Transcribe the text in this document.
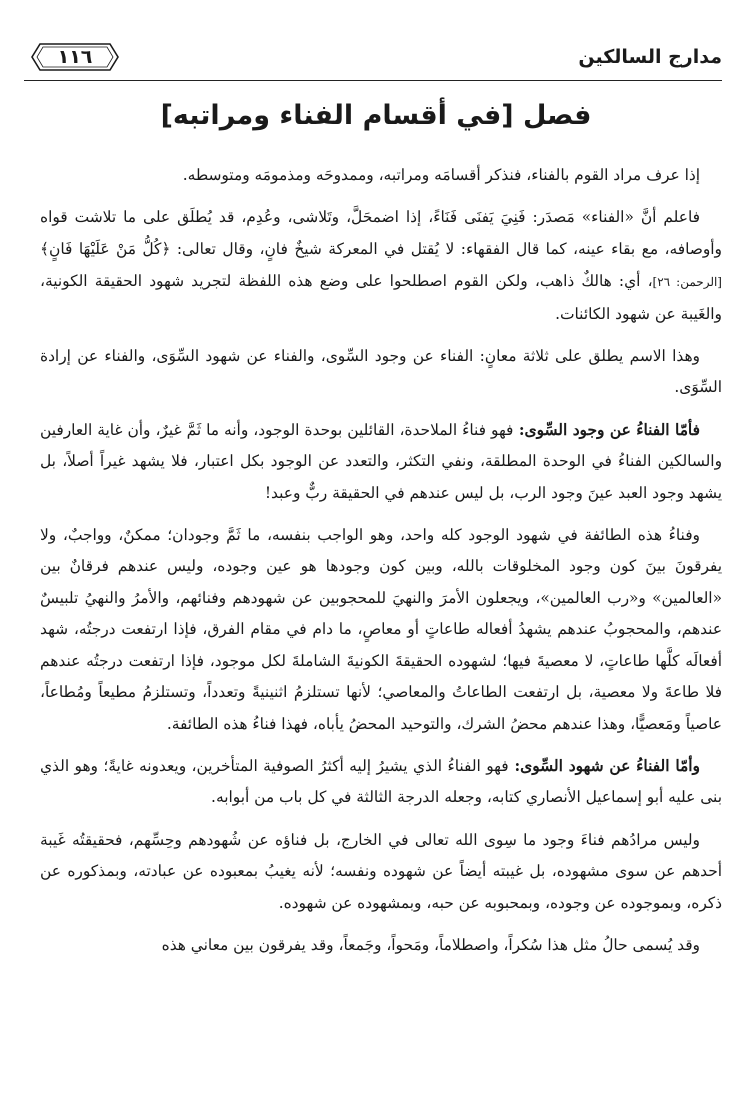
١١٦	مدارج السالكين
فصل [في أقسام الفناء ومراتبه]

إذا عرف مراد القوم بالفناء، فنذكر أقسامَه ومراتبه، وممدوحَه ومذمومَه ومتوسطه.

فاعلم أنَّ «الفناء» مَصدَر: فَنِيَ يَفنَى فَنَاءً، إذا اضمحَلَّ، وتَلاشى، وعُدِم، قد يُطلَق على ما تلاشت قواه وأوصافه، مع بقاء عينه، كما قال الفقهاء: لا يُقتل في المعركة شيخٌ فانٍ، وقال تعالى: ﴿كُلُّ مَنْ عَلَيْهَا فَانٍ﴾ [الرحمن: ٢٦]، أي: هالكٌ ذاهب، ولكن القوم اصطلحوا على وضع هذه اللفظة لتجريد شهود الحقيقة الكونية، والغَيبة عن شهود الكائنات.

وهذا الاسم يطلق على ثلاثة معانٍ: الفناء عن وجود السِّوى، والفناء عن شهود السِّوَى، والفناء عن إرادة السِّوَى.

فأمّا الفناءُ عن وجود السِّوى: فهو فناءُ الملاحدة، القائلين بوحدة الوجود، وأنه ما ثَمَّ غيرٌ، وأن غاية العارفين والسالكين الفناءُ في الوحدة المطلقة، ونفي التكثر، والتعدد عن الوجود بكل اعتبار، فلا يشهد غيراً أصلاً، بل يشهد وجود العبد عينَ وجود الرب، بل ليس عندهم في الحقيقة ربٌّ وعبد!

وفناءُ هذه الطائفة في شهود الوجود كله واحد، وهو الواجب بنفسه، ما ثَمَّ وجودان؛ ممكنٌ، وواجبٌ، ولا يفرقونَ بينَ كون وجود المخلوقات بالله، وبين كون وجودها هو عين وجوده، وليس عندهم فرقانٌ بين «العالمين» و«رب العالمين»، ويجعلون الأمرَ والنهيَ للمحجوبين عن شهودهم وفنائهم، والأمرُ والنهيُ تلبيسٌ عندهم، والمحجوبُ عندهم يشهدُ أفعاله طاعاتٍ أو معاصٍ، ما دام في مقام الفرق، فإذا ارتفعت درجتُه، شهد أفعالَه كلَّها طاعاتٍ، لا معصيةَ فيها؛ لشهوده الحقيقةَ الكونيةَ الشاملةَ لكل موجود، فإذا ارتفعت درجتُه عندهم فلا طاعةَ ولا معصية، بل ارتفعت الطاعاتُ والمعاصي؛ لأنها تستلزمُ اثنينيةً وتعدداً، وتستلزمُ مطيعاً ومُطاعاً، عاصياً ومَعصيًّا، وهذا عندهم محضُ الشرك، والتوحيد المحضُ يأباه، فهذا فناءُ هذه الطائفة.

وأمّا الفناءُ عن شهود السِّوى: فهو الفناءُ الذي يشيرُ إليه أكثرُ الصوفية المتأخرين، ويعدونه غايةً؛ وهو الذي بنى عليه أبو إسماعيل الأنصاري كتابه، وجعله الدرجة الثالثة في كل باب من أبوابه.

وليس مرادُهم فناءَ وجود ما سِوى الله تعالى في الخارج، بل فناؤه عن شُهودهم وحِسِّهم، فحقيقتُه غَيبة أحدهم عن سوى مشهوده، بل غيبته أيضاً عن شهوده ونفسه؛ لأنه يغيبُ بمعبوده عن عبادته، وبمذكوره عن ذكره، وبموجوده عن وجوده، وبمحبوبه عن حبه، وبمشهوده عن شهوده.

وقد يُسمى حالُ مثل هذا سُكراً، واصطلاماً، ومَحواً، وجَمعاً، وقد يفرقون بين معاني هذه
